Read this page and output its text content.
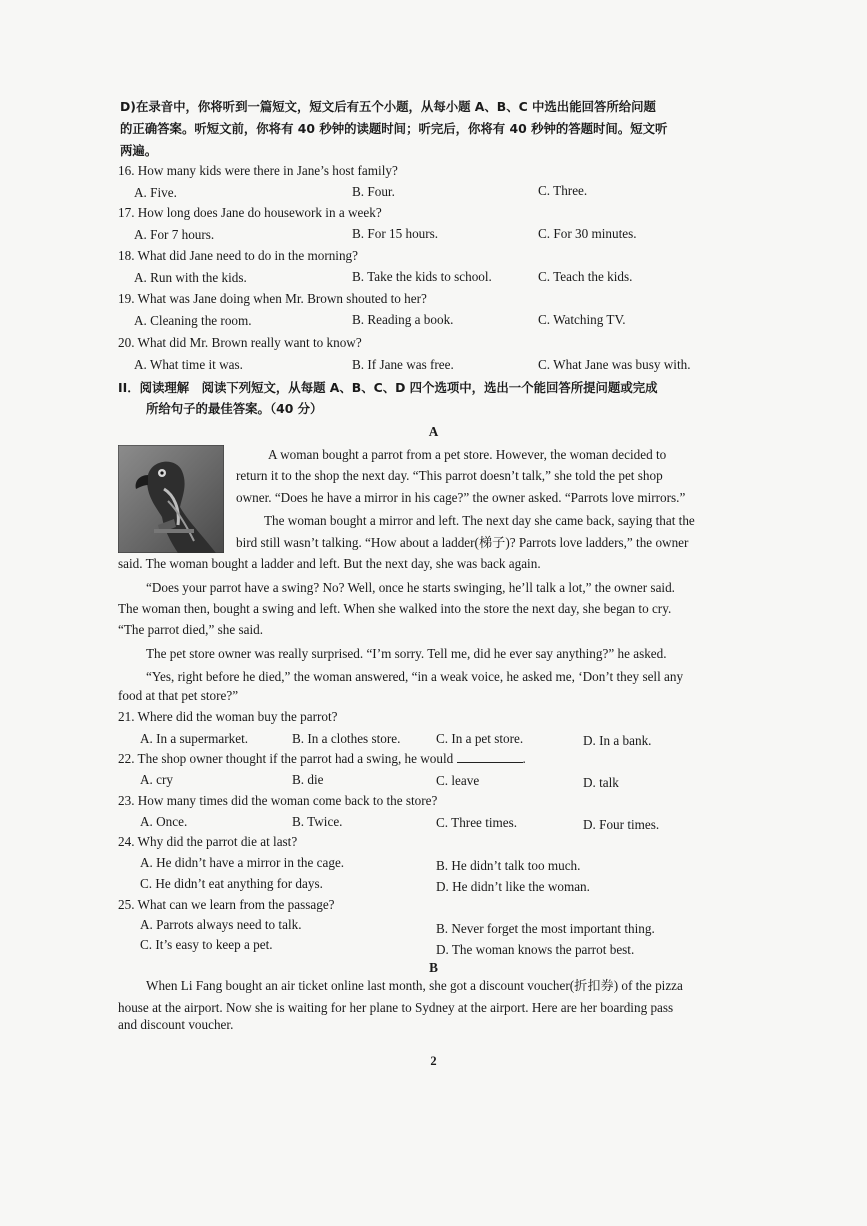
D)在录音中，你将听到一篇短文，短文后有五个小题，从每小题 A、B、C 中选出能回答所给问题
的正确答案。听短文前，你将有 40 秒钟的读题时间；听完后，你将有 40 秒钟的答题时间。短文听
两遍。
16. How many kids were there in Jane’s host family?
A. Five.	B. Four.	C. Three.
17. How long does Jane do housework in a week?
A. For 7 hours.	B. For 15 hours.	C. For 30 minutes.
18. What did Jane need to do in the morning?
A. Run with the kids.	B. Take the kids to school.	C. Teach the kids.
19. What was Jane doing when Mr. Brown shouted to her?
A. Cleaning the room.	B. Reading a book.	C. Watching TV.
20. What did Mr. Brown really want to know?
A. What time it was.	B. If Jane was free.	C. What Jane was busy with.
II．阅读理解　阅读下列短文，从每题 A、B、C、D 四个选项中，选出一个能回答所提问题或完成
所给句子的最佳答案。（40 分）
A
A woman bought a parrot from a pet store. However, the woman decided to
return it to the shop the next day. “This parrot doesn’t talk,” she told the pet shop
owner. “Does he have a mirror in his cage?” the owner asked. “Parrots love mirrors.”
The woman bought a mirror and left. The next day she came back, saying that the
bird still wasn’t talking. “How about a ladder(梯子)? Parrots love ladders,” the owner
said. The woman bought a ladder and left. But the next day, she was back again.
“Does your parrot have a swing? No? Well, once he starts swinging, he’ll talk a lot,” the owner said.
The woman then, bought a swing and left. When she walked into the store the next day, she began to cry.
“The parrot died,” she said.
The pet store owner was really surprised. “I’m sorry. Tell me, did he ever say anything?” he asked.
“Yes, right before he died,” the woman answered, “in a weak voice, he asked me, ‘Don’t they sell any
food at that pet store?”
21. Where did the woman buy the parrot?
A. In a supermarket.	B. In a clothes store.	C. In a pet store.	D. In a bank.
22. The shop owner thought if the parrot had a swing, he would	.
A. cry	B. die	C. leave	D. talk
23. How many times did the woman come back to the store?
A. Once.	B. Twice.	C. Three times.	D. Four times.
24. Why did the parrot die at last?
A. He didn’t have a mirror in the cage.	B. He didn’t talk too much.
C. He didn’t eat anything for days.	D. He didn’t like the woman.
25. What can we learn from the passage?
A. Parrots always need to talk.	B. Never forget the most important thing.
C. It’s easy to keep a pet.	D. The woman knows the parrot best.
B
When Li Fang bought an air ticket online last month, she got a discount voucher(折扣券) of the pizza
house at the airport. Now she is waiting for her plane to Sydney at the airport. Here are her boarding pass
and discount voucher.
2
